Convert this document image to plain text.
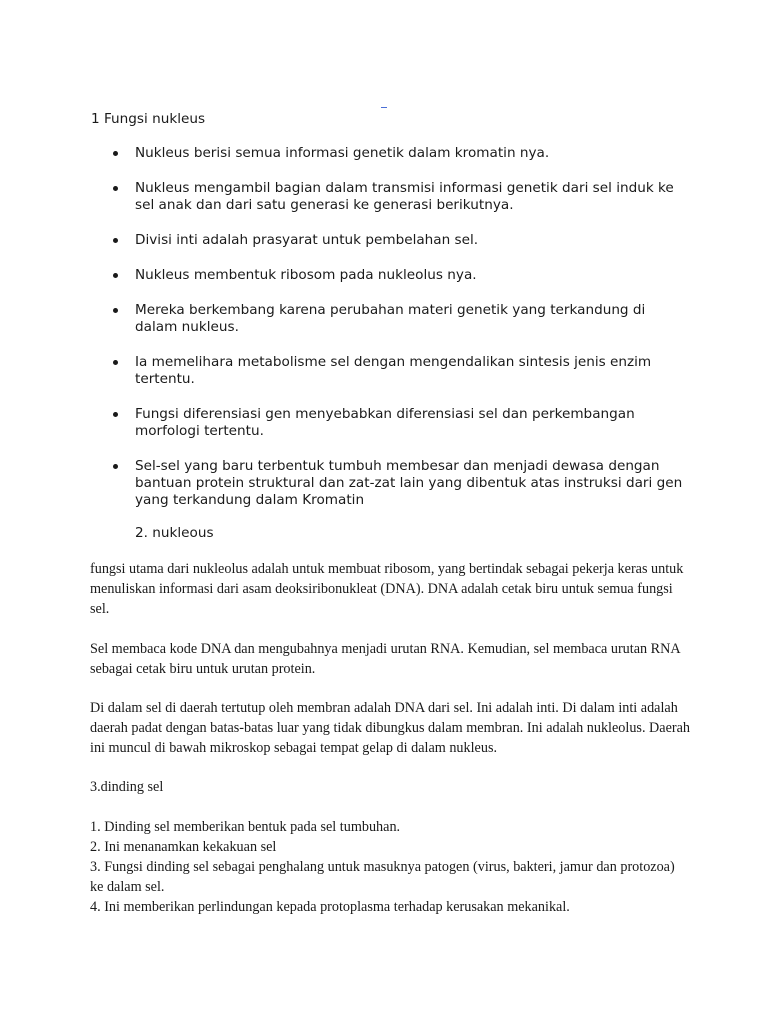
1 Fungsi nukleus
Nukleus berisi semua informasi genetik dalam kromatin nya.
Nukleus mengambil bagian dalam transmisi informasi genetik dari sel induk ke sel anak dan dari satu generasi ke generasi berikutnya.
Divisi inti adalah prasyarat untuk pembelahan sel.
Nukleus membentuk ribosom pada nukleolus nya.
Mereka berkembang karena perubahan materi genetik yang terkandung di dalam nukleus.
Ia memelihara metabolisme sel dengan mengendalikan sintesis jenis enzim tertentu.
Fungsi diferensiasi gen menyebabkan diferensiasi sel dan perkembangan morfologi tertentu.
Sel-sel yang baru terbentuk tumbuh membesar dan menjadi dewasa dengan bantuan protein struktural dan zat-zat lain yang dibentuk atas instruksi dari gen yang terkandung dalam Kromatin
2. nukleous

fungsi utama dari nukleolus adalah untuk membuat ribosom, yang bertindak sebagai pekerja keras untuk menuliskan informasi dari asam deoksiribonukleat (DNA). DNA adalah cetak biru untuk semua fungsi sel.

Sel membaca kode DNA dan mengubahnya menjadi urutan RNA. Kemudian, sel membaca urutan RNA sebagai cetak biru untuk urutan protein.

Di dalam sel di daerah tertutup oleh membran adalah DNA dari sel. Ini adalah inti. Di dalam inti adalah daerah padat dengan batas-batas luar yang tidak dibungkus dalam membran. Ini adalah nukleolus. Daerah ini muncul di bawah mikroskop sebagai tempat gelap di dalam nukleus.

3.dinding sel
1. Dinding sel memberikan bentuk pada sel tumbuhan.
2. Ini menanamkan kekakuan sel
3. Fungsi dinding sel sebagai penghalang untuk masuknya patogen (virus, bakteri, jamur dan protozoa) ke dalam sel.
4. Ini memberikan perlindungan kepada protoplasma terhadap kerusakan mekanikal.
